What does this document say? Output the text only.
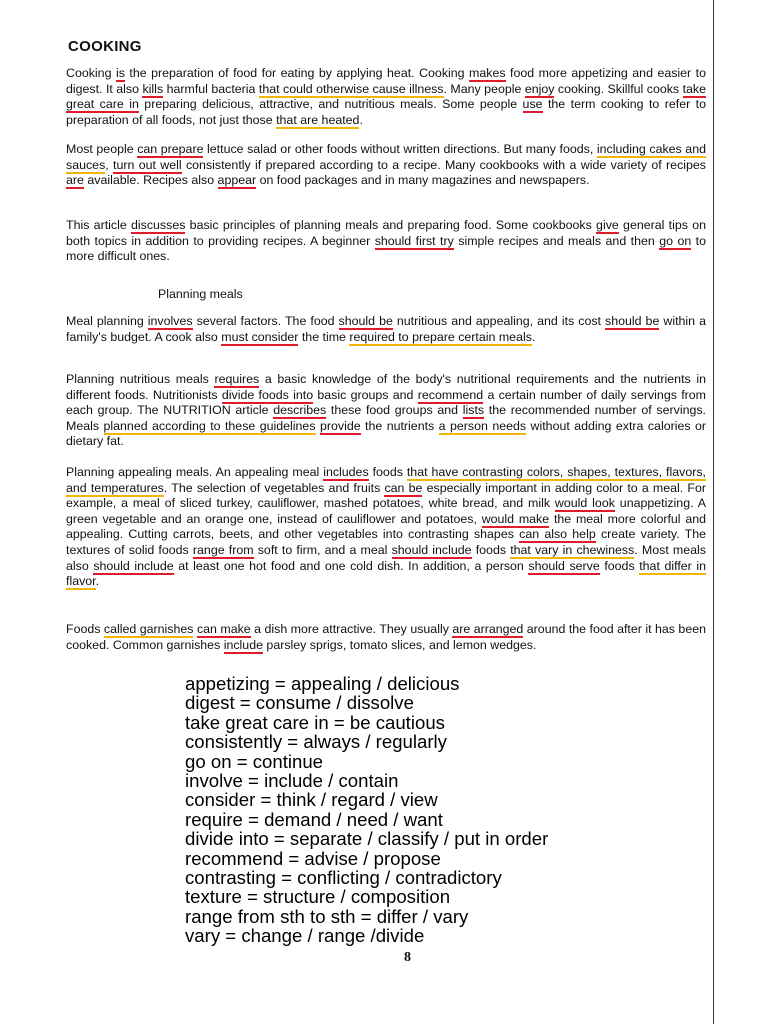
COOKING

Cooking is the preparation of food for eating by applying heat. Cooking makes food more appetizing and easier to digest. It also kills harmful bacteria that could otherwise cause illness. Many people enjoy cooking. Skillful cooks take great care in preparing delicious, attractive, and nutritious meals. Some people use the term cooking to refer to preparation of all foods, not just those that are heated.

Most people can prepare lettuce salad or other foods without written directions. But many foods, including cakes and sauces, turn out well consistently if prepared according to a recipe. Many cookbooks with a wide variety of recipes are available. Recipes also appear on food packages and in many magazines and newspapers.

This article discusses basic principles of planning meals and preparing food. Some cookbooks give general tips on both topics in addition to providing recipes. A beginner should first try simple recipes and meals and then go on to more difficult ones.

Planning meals

Meal planning involves several factors. The food should be nutritious and appealing, and its cost should be within a family's budget. A cook also must consider the time required to prepare certain meals.

Planning nutritious meals requires a basic knowledge of the body's nutritional requirements and the nutrients in different foods. Nutritionists divide foods into basic groups and recommend a certain number of daily servings from each group. The NUTRITION article describes these food groups and lists the recommended number of servings. Meals planned according to these guidelines provide the nutrients a person needs without adding extra calories or dietary fat.

Planning appealing meals. An appealing meal includes foods that have contrasting colors, shapes, textures, flavors, and temperatures. The selection of vegetables and fruits can be especially important in adding color to a meal. For example, a meal of sliced turkey, cauliflower, mashed potatoes, white bread, and milk would look unappetizing. A green vegetable and an orange one, instead of cauliflower and potatoes, would make the meal more colorful and appealing. Cutting carrots, beets, and other vegetables into contrasting shapes can also help create variety. The textures of solid foods range from soft to firm, and a meal should include foods that vary in chewiness. Most meals also should include at least one hot food and one cold dish. In addition, a person should serve foods that differ in flavor.

Foods called garnishes can make a dish more attractive. They usually are arranged around the food after it has been cooked. Common garnishes include parsley sprigs, tomato slices, and lemon wedges.

appetizing = appealing / delicious
digest = consume / dissolve
take great care in = be cautious
consistently = always / regularly
go on = continue
involve = include / contain
consider = think / regard / view
require = demand / need / want
divide into = separate / classify / put in order
recommend = advise / propose
contrasting = conflicting / contradictory
texture = structure / composition
range from sth to sth = differ / vary
vary = change / range /divide
8
